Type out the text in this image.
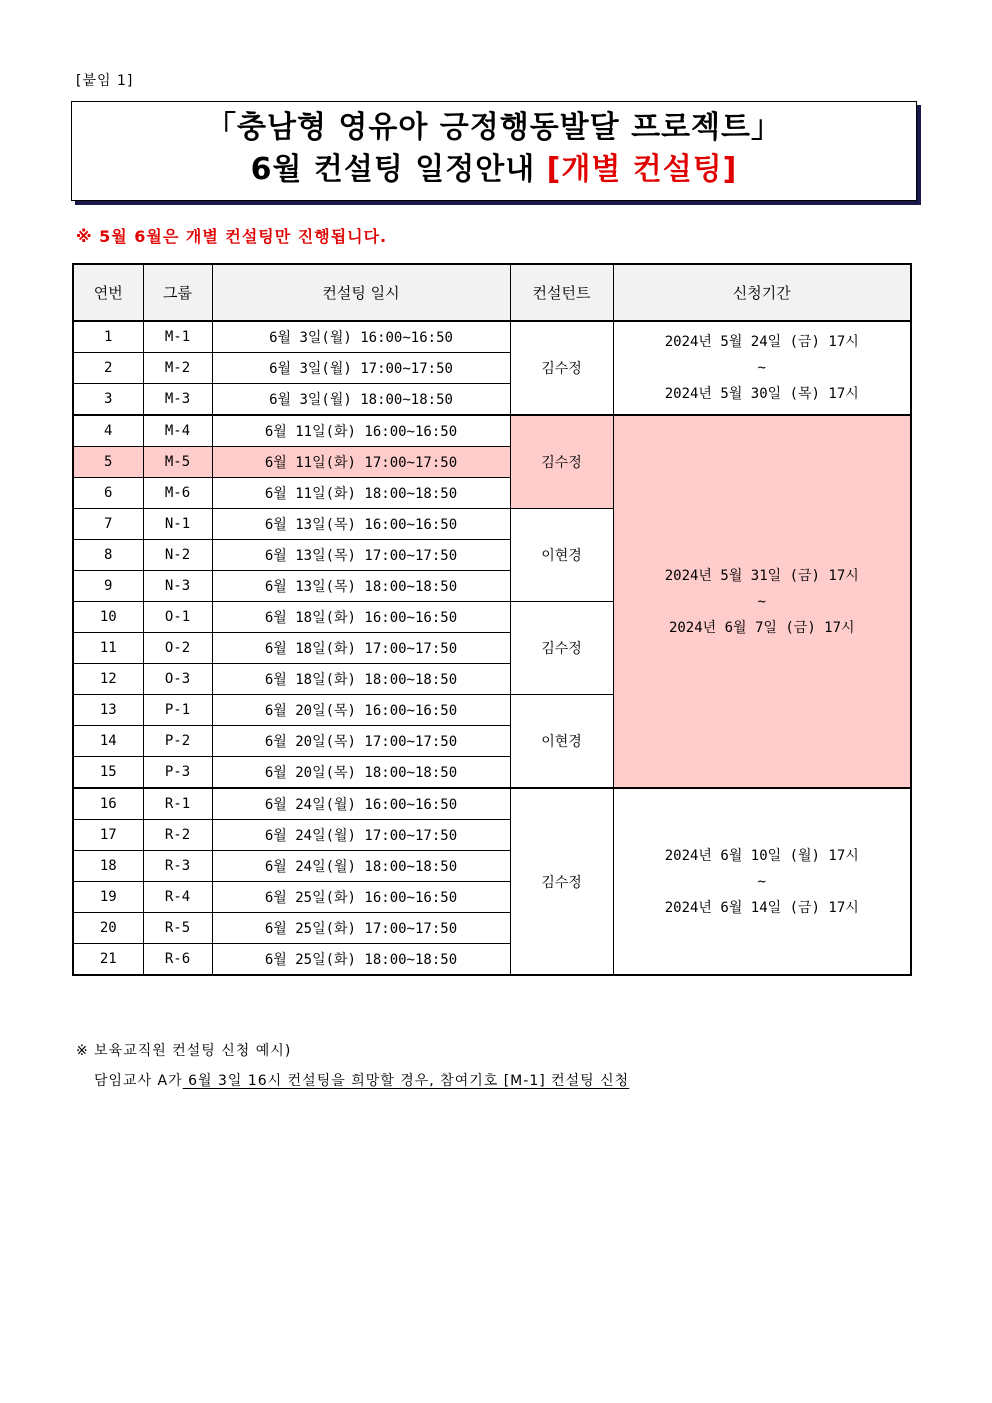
[붙임 1]
「충남형 영유아 긍정행동발달 프로젝트」
6월 컨설팅 일정안내 [개별 컨설팅]
※ 5월 6월은 개별 컨설팅만 진행됩니다.
연번	그룹	컨설팅 일시	컨설턴트	신청기간
1	M-1	6월 3일(월) 16:00~16:50	김수정	2024년 5월 24일 (금) 17시
~
2024년 5월 30일 (목) 17시

2	M-2	6월 3일(월) 17:00~17:50		
3	M-3	6월 3일(월) 18:00~18:50		
4	M-4	6월 11일(화) 16:00~16:50	김수정	2024년 5월 31일 (금) 17시
~
2024년 6월 7일 (금) 17시

5	M-5	6월 11일(화) 17:00~17:50		
6	M-6	6월 11일(화) 18:00~18:50		
7	N-1	6월 13일(목) 16:00~16:50	이현경	
8	N-2	6월 13일(목) 17:00~17:50		
9	N-3	6월 13일(목) 18:00~18:50		
10	O-1	6월 18일(화) 16:00~16:50	김수정	
11	O-2	6월 18일(화) 17:00~17:50		
12	O-3	6월 18일(화) 18:00~18:50		
13	P-1	6월 20일(목) 16:00~16:50	이현경	
14	P-2	6월 20일(목) 17:00~17:50		
15	P-3	6월 20일(목) 18:00~18:50		
16	R-1	6월 24일(월) 16:00~16:50	김수정	2024년 6월 10일 (월) 17시
~
2024년 6월 14일 (금) 17시

17	R-2	6월 24일(월) 17:00~17:50		
18	R-3	6월 24일(월) 18:00~18:50		
19	R-4	6월 25일(화) 16:00~16:50		
20	R-5	6월 25일(화) 17:00~17:50		
21	R-6	6월 25일(화) 18:00~18:50		
※ 보육교직원 컨설팅 신청 예시)
담임교사 A가 6월 3일 16시 컨설팅을 희망할 경우, 참여기호 [M-1] 컨설팅 신청
